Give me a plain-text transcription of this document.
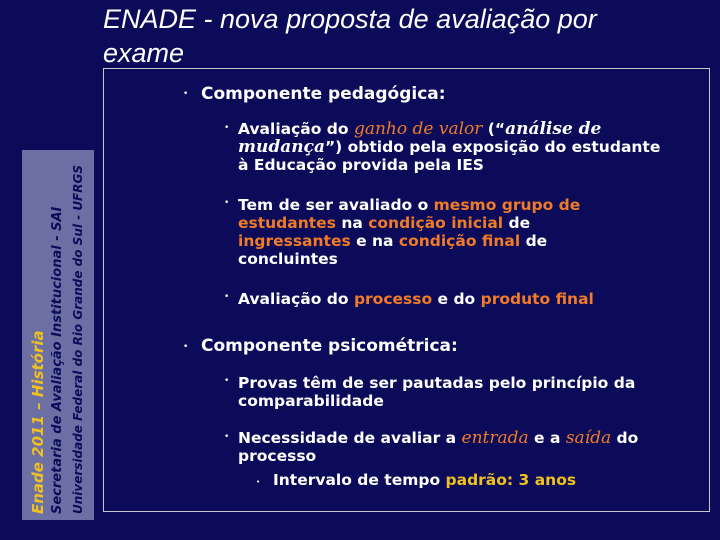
Enade 2011 – História Secretaria de Avaliação Institucional - SAI Universidade Federal do Rio Grande do Sul - UFRGS
ENADE - nova proposta de avaliação por
exame
• Componente pedagógica:
• Avaliação do ganho de valor (“análise de mudança”) obtido pela exposição do estudante à Educação provida pela IES
• Tem de ser avaliado o mesmo grupo de estudantes na condição inicial de ingressantes e na condição final de concluintes
• Avaliação do processo e do produto final
• Componente psicométrica:
• Provas têm de ser pautadas pelo princípio da comparabilidade
• Necessidade de avaliar a entrada e a saída do processo
• Intervalo de tempo padrão: 3 anos
